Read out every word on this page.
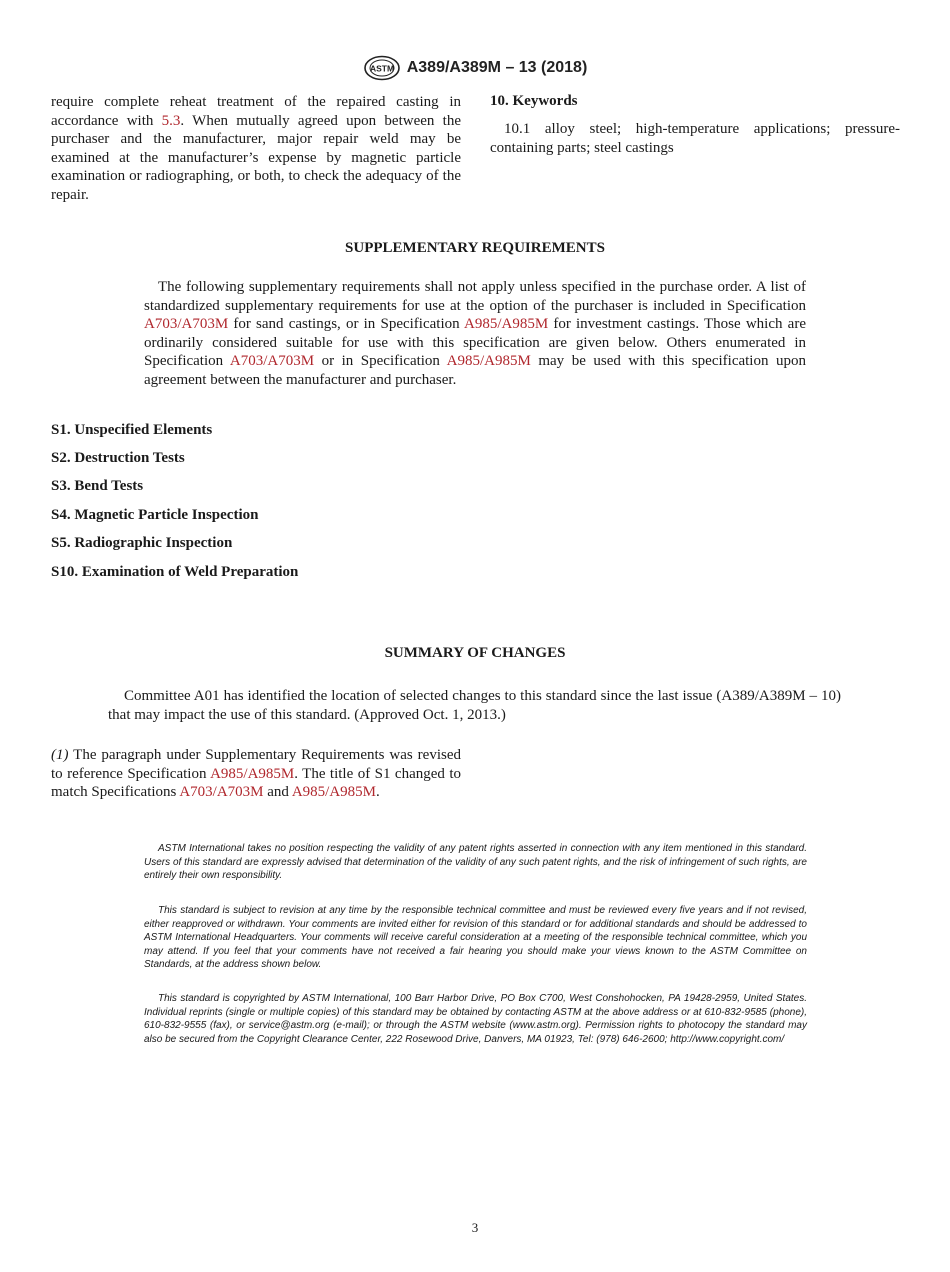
ASTM A389/A389M – 13 (2018)

require complete reheat treatment of the repaired casting in accordance with 5.3. When mutually agreed upon between the purchaser and the manufacturer, major repair weld may be examined at the manufacturer’s expense by magnetic particle examination or radiographing, or both, to check the adequacy of the repair.

10. Keywords

10.1 alloy steel; high-temperature applications; pressure-containing parts; steel castings

SUPPLEMENTARY REQUIREMENTS

The following supplementary requirements shall not apply unless specified in the purchase order. A list of standardized supplementary requirements for use at the option of the purchaser is included in Specification A703/A703M for sand castings, or in Specification A985/A985M for investment castings. Those which are ordinarily considered suitable for use with this specification are given below. Others enumerated in Specification A703/A703M or in Specification A985/A985M may be used with this specification upon agreement between the manufacturer and purchaser.

S1. Unspecified Elements
S2. Destruction Tests
S3. Bend Tests
S4. Magnetic Particle Inspection
S5. Radiographic Inspection
S10. Examination of Weld Preparation
SUMMARY OF CHANGES

Committee A01 has identified the location of selected changes to this standard since the last issue (A389/A389M – 10) that may impact the use of this standard. (Approved Oct. 1, 2013.)

(1) The paragraph under Supplementary Requirements was revised to reference Specification A985/A985M. The title of S1 changed to match Specifications A703/A703M and A985/A985M.

ASTM International takes no position respecting the validity of any patent rights asserted in connection with any item mentioned in this standard. Users of this standard are expressly advised that determination of the validity of any such patent rights, and the risk of infringement of such rights, are entirely their own responsibility.

This standard is subject to revision at any time by the responsible technical committee and must be reviewed every five years and if not revised, either reapproved or withdrawn. Your comments are invited either for revision of this standard or for additional standards and should be addressed to ASTM International Headquarters. Your comments will receive careful consideration at a meeting of the responsible technical committee, which you may attend. If you feel that your comments have not received a fair hearing you should make your views known to the ASTM Committee on Standards, at the address shown below.

This standard is copyrighted by ASTM International, 100 Barr Harbor Drive, PO Box C700, West Conshohocken, PA 19428-2959, United States. Individual reprints (single or multiple copies) of this standard may be obtained by contacting ASTM at the above address or at 610-832-9585 (phone), 610-832-9555 (fax), or service@astm.org (e-mail); or through the ASTM website (www.astm.org). Permission rights to photocopy the standard may also be secured from the Copyright Clearance Center, 222 Rosewood Drive, Danvers, MA 01923, Tel: (978) 646-2600; http://www.copyright.com/

3
